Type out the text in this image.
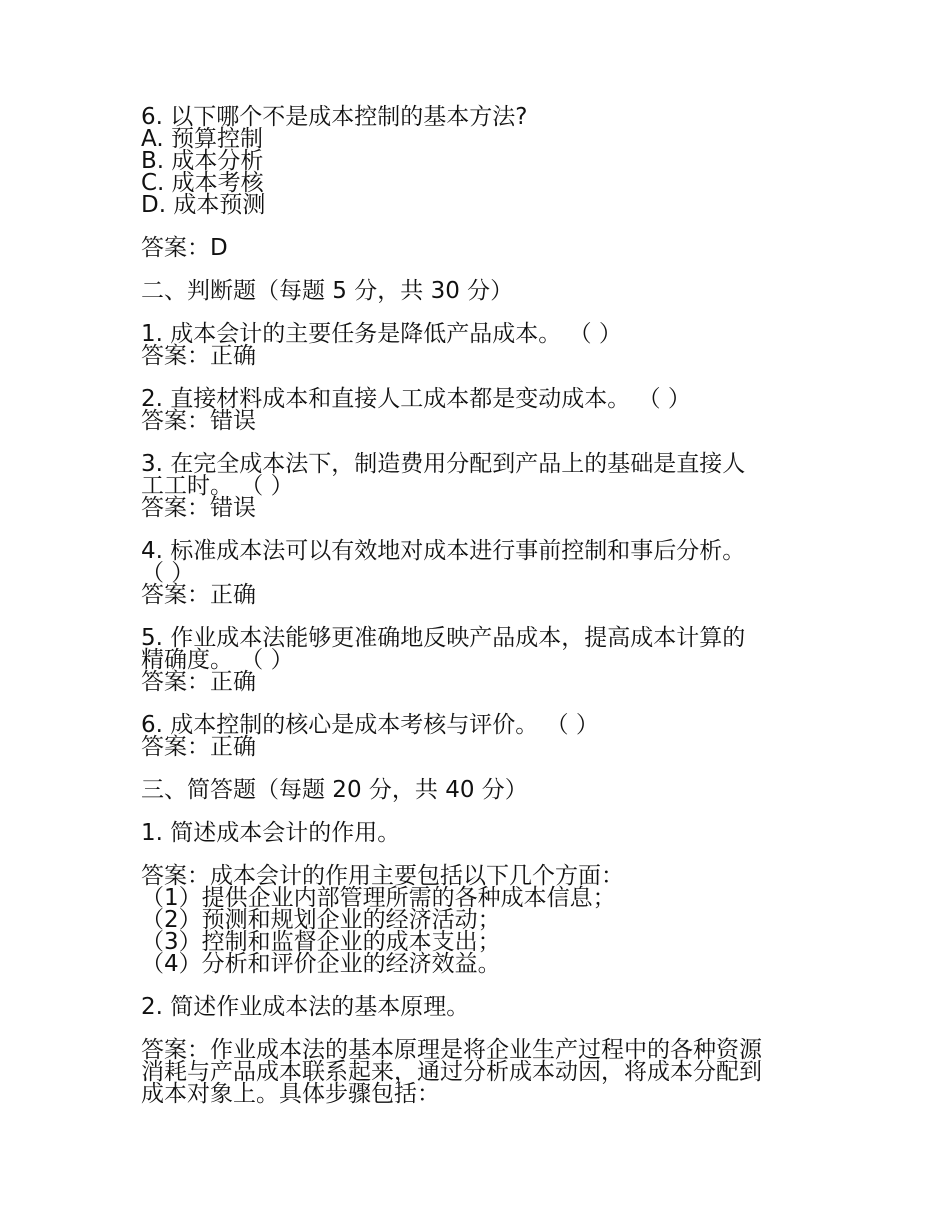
6. 以下哪个不是成本控制的基本方法?

A. 预算控制

B. 成本分析

C. 成本考核

D. 成本预测

答案：D

二、判断题（每题 5 分，共 30 分）

1. 成本会计的主要任务是降低产品成本。 （ ）

答案：正确

2. 直接材料成本和直接人工成本都是变动成本。 （ ）

答案：错误

3. 在完全成本法下，制造费用分配到产品上的基础是直接人

工工时。 （ ）

答案：错误

4. 标准成本法可以有效地对成本进行事前控制和事后分析。

（ ）

答案：正确

5. 作业成本法能够更准确地反映产品成本，提高成本计算的

精确度。 （ ）

答案：正确

6. 成本控制的核心是成本考核与评价。 （ ）

答案：正确

三、简答题（每题 20 分，共 40 分）

1. 简述成本会计的作用。

答案：成本会计的作用主要包括以下几个方面：

（1）提供企业内部管理所需的各种成本信息；

（2）预测和规划企业的经济活动；

（3）控制和监督企业的成本支出；

（4）分析和评价企业的经济效益。

2. 简述作业成本法的基本原理。

答案：作业成本法的基本原理是将企业生产过程中的各种资源

消耗与产品成本联系起来，通过分析成本动因，将成本分配到

成本对象上。具体步骤包括：
